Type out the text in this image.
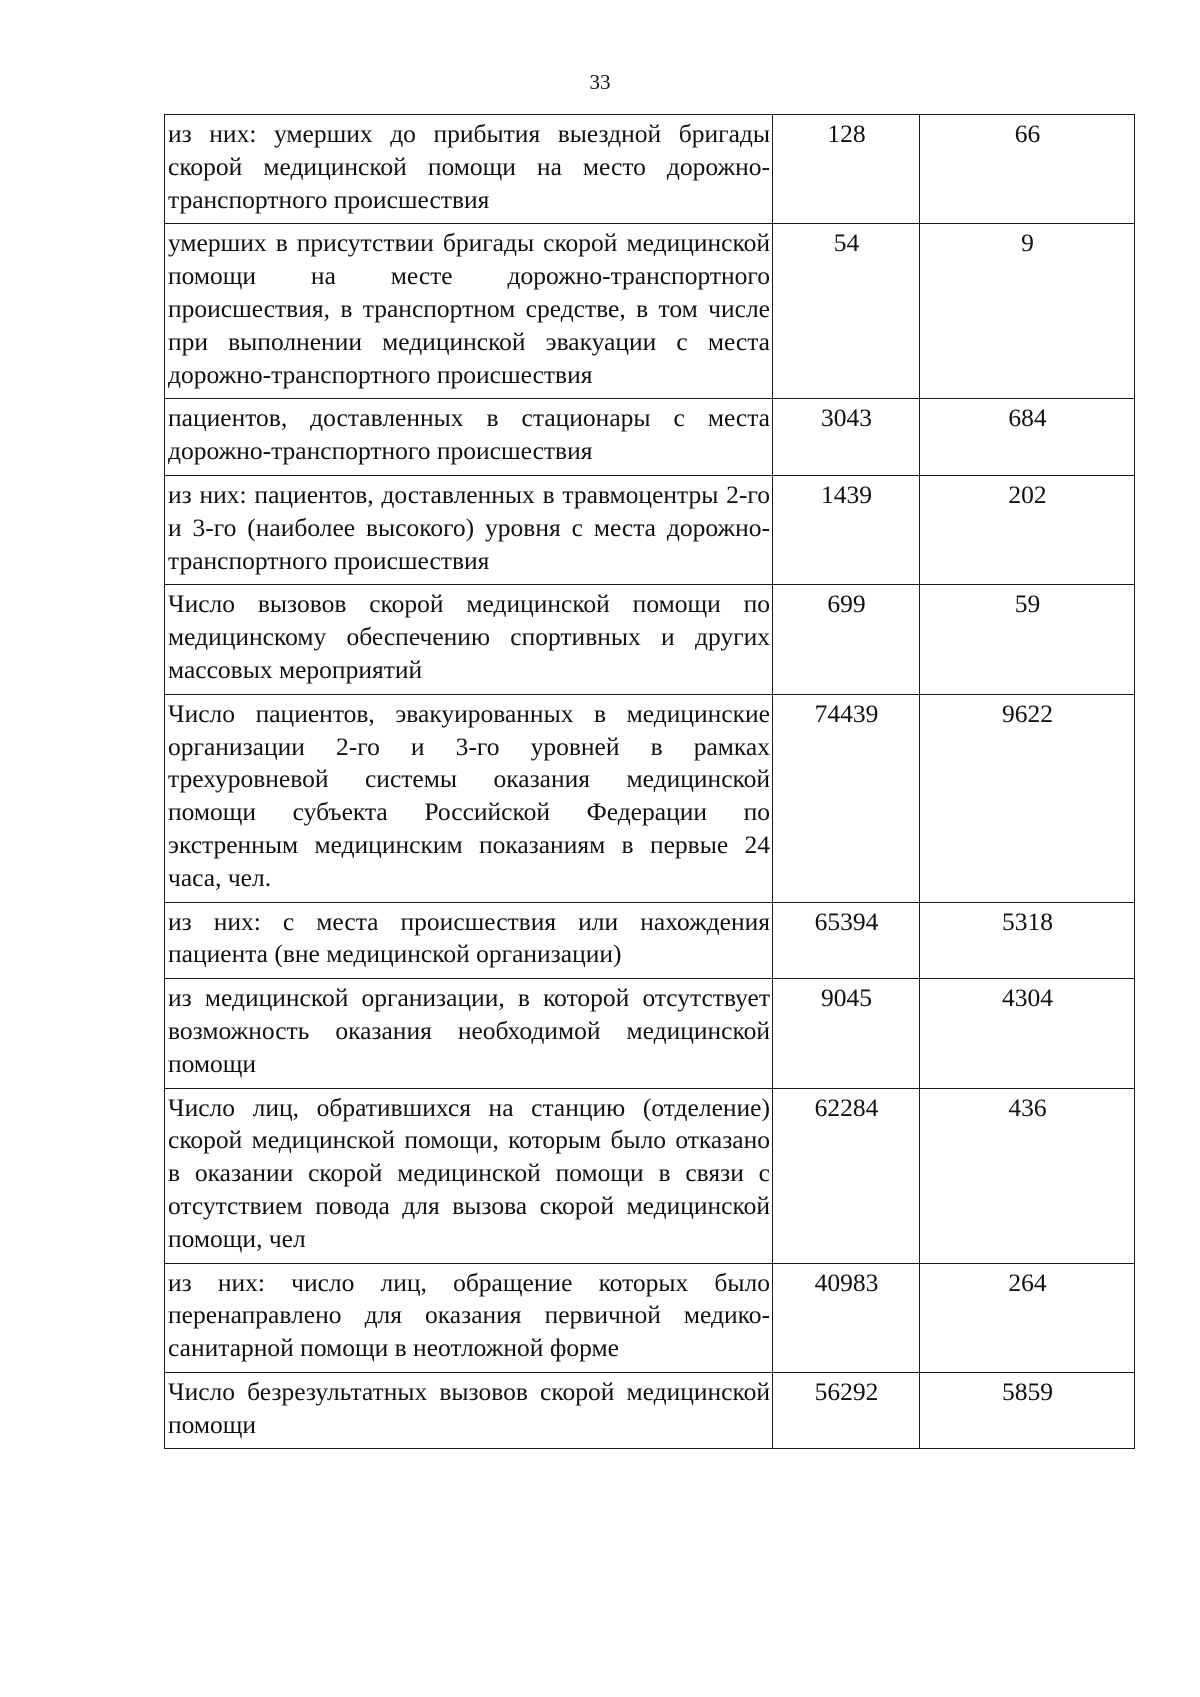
33
из них: умерших до прибытия выездной бригады скорой медицинской помощи на место дорожно-транспортного происшествия	128	66
умерших в присутствии бригады скорой медицинской помощи на месте дорожно-транспортного происшествия, в транспортном средстве, в том числе при выполнении медицинской эвакуации с места дорожно-транспортного происшествия	54	9
пациентов, доставленных в стационары с места дорожно-транспортного происшествия	3043	684
из них: пациентов, доставленных в травмоцентры 2-го и 3-го (наиболее высокого) уровня с места дорожно-транспортного происшествия	1439	202
Число вызовов скорой медицинской помощи по медицинскому обеспечению спортивных и других массовых мероприятий	699	59
Число пациентов, эвакуированных в медицинские организации 2-го и 3-го уровней в рамках трехуровневой системы оказания медицинской помощи субъекта Российской Федерации по экстренным медицинским показаниям в первые 24 часа, чел.	74439	9622
из них: с места происшествия или нахождения пациента (вне медицинской организации)	65394	5318
из медицинской организации, в которой отсутствует возможность оказания необходимой медицинской помощи	9045	4304
Число лиц, обратившихся на станцию (отделение) скорой медицинской помощи, которым было отказано в оказании скорой медицинской помощи в связи с отсутствием повода для вызова скорой медицинской помощи, чел	62284	436
из них: число лиц, обращение которых было перенаправлено для оказания первичной медико-санитарной помощи в неотложной форме	40983	264
Число безрезультатных вызовов скорой медицинской помощи	56292	5859
